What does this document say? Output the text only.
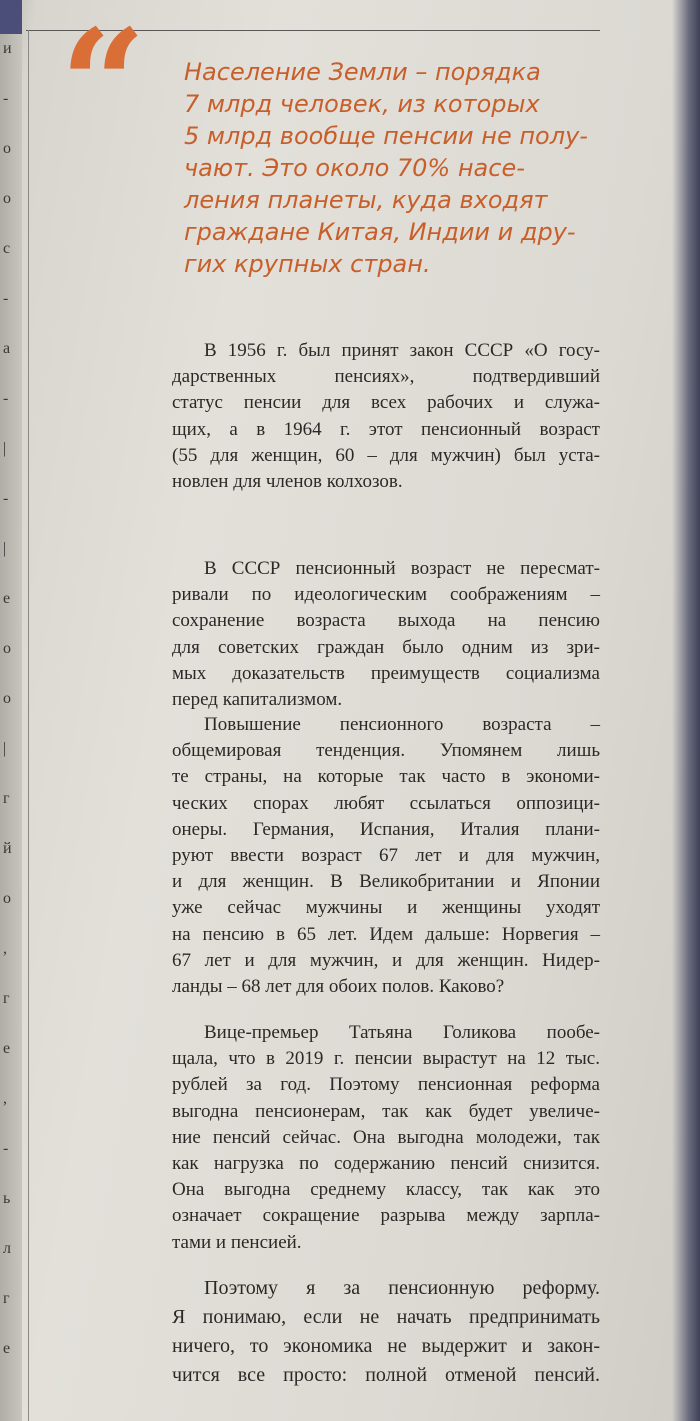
и
-
о
о
с
-
а
-
|
-
|
е
о
о
|
г
й
о
,
г
е
,
-
ь
л
г
е
“ Население Земли – порядка
7 млрд человек, из которых
5 млрд вообще пенсии не полу-
чают. Это около 70% насе-
ления планеты, куда входят
граждане Китая, Индии и дру-
гих крупных стран.
В 1956 г. был принят закон СССР «О госу-
дарственных пенсиях», подтвердивший
статус пенсии для всех рабочих и служа-
щих, а в 1964 г. этот пенсионный возраст
(55 для женщин, 60 – для мужчин) был уста-
новлен для членов колхозов.
В СССР пенсионный возраст не пересмат-
ривали по идеологическим соображениям –
сохранение возраста выхода на пенсию
для советских граждан было одним из зри-
мых доказательств преимуществ социализма
перед капитализмом.
Повышение пенсионного возраста –
общемировая тенденция. Упомянем лишь
те страны, на которые так часто в экономи-
ческих спорах любят ссылаться оппозици-
онеры. Германия, Испания, Италия плани-
руют ввести возраст 67 лет и для мужчин,
и для женщин. В Великобритании и Японии
уже сейчас мужчины и женщины уходят
на пенсию в 65 лет. Идем дальше: Норвегия –
67 лет и для мужчин, и для женщин. Нидер-
ланды – 68 лет для обоих полов. Каково?
Вице-премьер Татьяна Голикова пообе-
щала, что в 2019 г. пенсии вырастут на 12 тыс.
рублей за год. Поэтому пенсионная реформа
выгодна пенсионерам, так как будет увеличе-
ние пенсий сейчас. Она выгодна молодежи, так
как нагрузка по содержанию пенсий снизится.
Она выгодна среднему классу, так как это
означает сокращение разрыва между зарпла-
тами и пенсией.
Поэтому я за пенсионную реформу.
Я понимаю, если не начать предпринимать
ничего, то экономика не выдержит и закон-
чится все просто: полной отменой пенсий.
